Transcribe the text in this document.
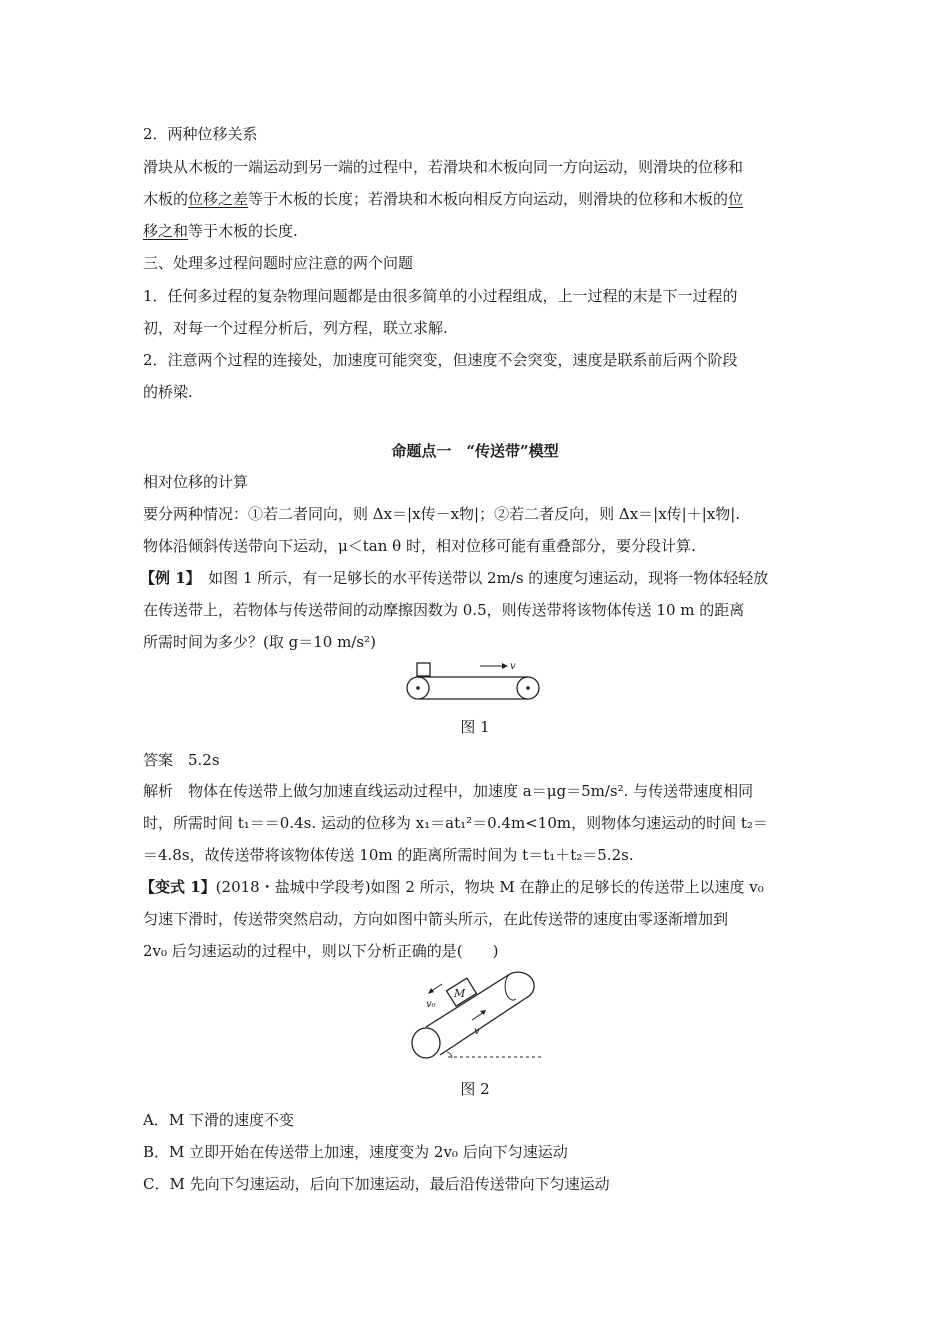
2．两种位移关系
滑块从木板的一端运动到另一端的过程中，若滑块和木板向同一方向运动，则滑块的位移和
木板的位移之差等于木板的长度；若滑块和木板向相反方向运动，则滑块的位移和木板的位
移之和等于木板的长度.
三、处理多过程问题时应注意的两个问题
1．任何多过程的复杂物理问题都是由很多简单的小过程组成，上一过程的末是下一过程的
初，对每一个过程分析后，列方程，联立求解.
2．注意两个过程的连接处，加速度可能突变，但速度不会突变，速度是联系前后两个阶段
的桥梁.
命题点一　“传送带”模型
相对位移的计算
要分两种情况：①若二者同向，则 Δx＝|x传－x物|；②若二者反向，则 Δx＝|x传|＋|x物|.
物体沿倾斜传送带向下运动，μ＜tan θ 时，相对位移可能有重叠部分，要分段计算.
【例 1】　如图 1 所示，有一足够长的水平传送带以 2m/s 的速度匀速运动，现将一物体轻轻放
在传送带上，若物体与传送带间的动摩擦因数为 0.5，则传送带将该物体传送 10 m 的距离
所需时间为多少？(取 g＝10 m/s²)
v
图 1
答案　5.2s
解析　物体在传送带上做匀加速直线运动过程中，加速度 a＝μg＝5m/s². 与传送带速度相同
时，所需时间 t₁＝＝0.4s. 运动的位移为 x₁＝at₁²＝0.4m<10m，则物体匀速运动的时间 t₂＝
＝4.8s，故传送带将该物体传送 10m 的距离所需时间为 t＝t₁＋t₂＝5.2s.
【变式 1】(2018・盐城中学段考)如图 2 所示，物块 M 在静止的足够长的传送带上以速度 v₀
匀速下滑时，传送带突然启动，方向如图中箭头所示，在此传送带的速度由零逐渐增加到
2v₀ 后匀速运动的过程中，则以下分析正确的是(　　)
M
v₀
v
图 2
A．M 下滑的速度不变
B．M 立即开始在传送带上加速，速度变为 2v₀ 后向下匀速运动
C．M 先向下匀速运动，后向下加速运动，最后沿传送带向下匀速运动
